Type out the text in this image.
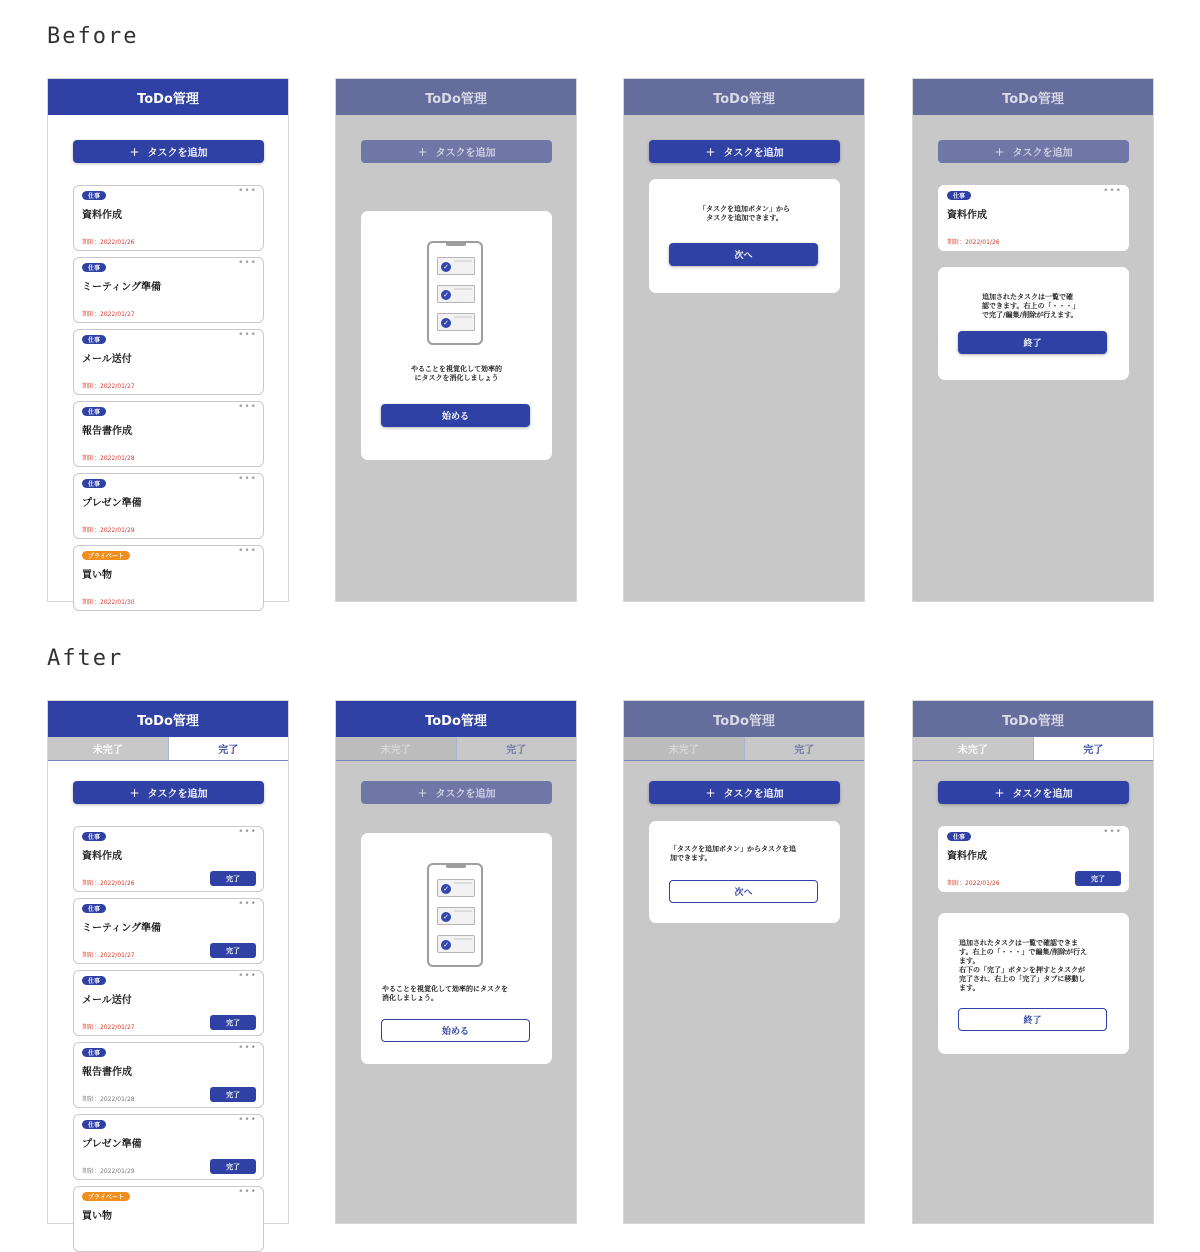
Before
After
ToDo管理
+ タスクを追加
仕事
•••
資料作成
期限：2022/01/26
仕事
•••
ミーティング準備
期限：2022/01/27
仕事
•••
メール送付
期限：2022/01/27
仕事
•••
報告書作成
期限：2022/01/28
仕事
•••
プレゼン準備
期限：2022/01/29
プライベート
•••
買い物
期限：2022/01/30
ToDo管理
+ タスクを追加
✓
✓
✓
やることを視覚化して効率的
にタスクを消化しましょう
始める
ToDo管理
+ タスクを追加
「タスクを追加ボタン」から
タスクを追加できます。
次へ
ToDo管理
+ タスクを追加
仕事
•••
資料作成
期限：2022/01/26
追加されたタスクは一覧で確
認できます。右上の「・・・」
で完了/編集/削除が行えます。
終了
ToDo管理
未完了	完了
+ タスクを追加
仕事
•••
資料作成
期限：2022/01/26
完了
仕事
•••
ミーティング準備
期限：2022/01/27
完了
仕事
•••
メール送付
期限：2022/01/27
完了
仕事
•••
報告書作成
期限：2022/01/28
完了
仕事
•••
プレゼン準備
期限：2022/01/29
完了
プライベート
•••
買い物
ToDo管理
未完了	完了
+ タスクを追加
✓
✓
✓
やることを視覚化して効率的にタスクを
消化しましょう。
始める
ToDo管理
未完了	完了
+ タスクを追加
「タスクを追加ボタン」からタスクを追
加できます。
次へ
ToDo管理
未完了	完了
+ タスクを追加
仕事
•••
資料作成
期限：2022/01/26
完了
追加されたタスクは一覧で確認できま
す。右上の「・・・」で編集/削除が行え
ます。
右下の「完了」ボタンを押すとタスクが
完了され、右上の「完了」タブに移動し
ます。
終了
